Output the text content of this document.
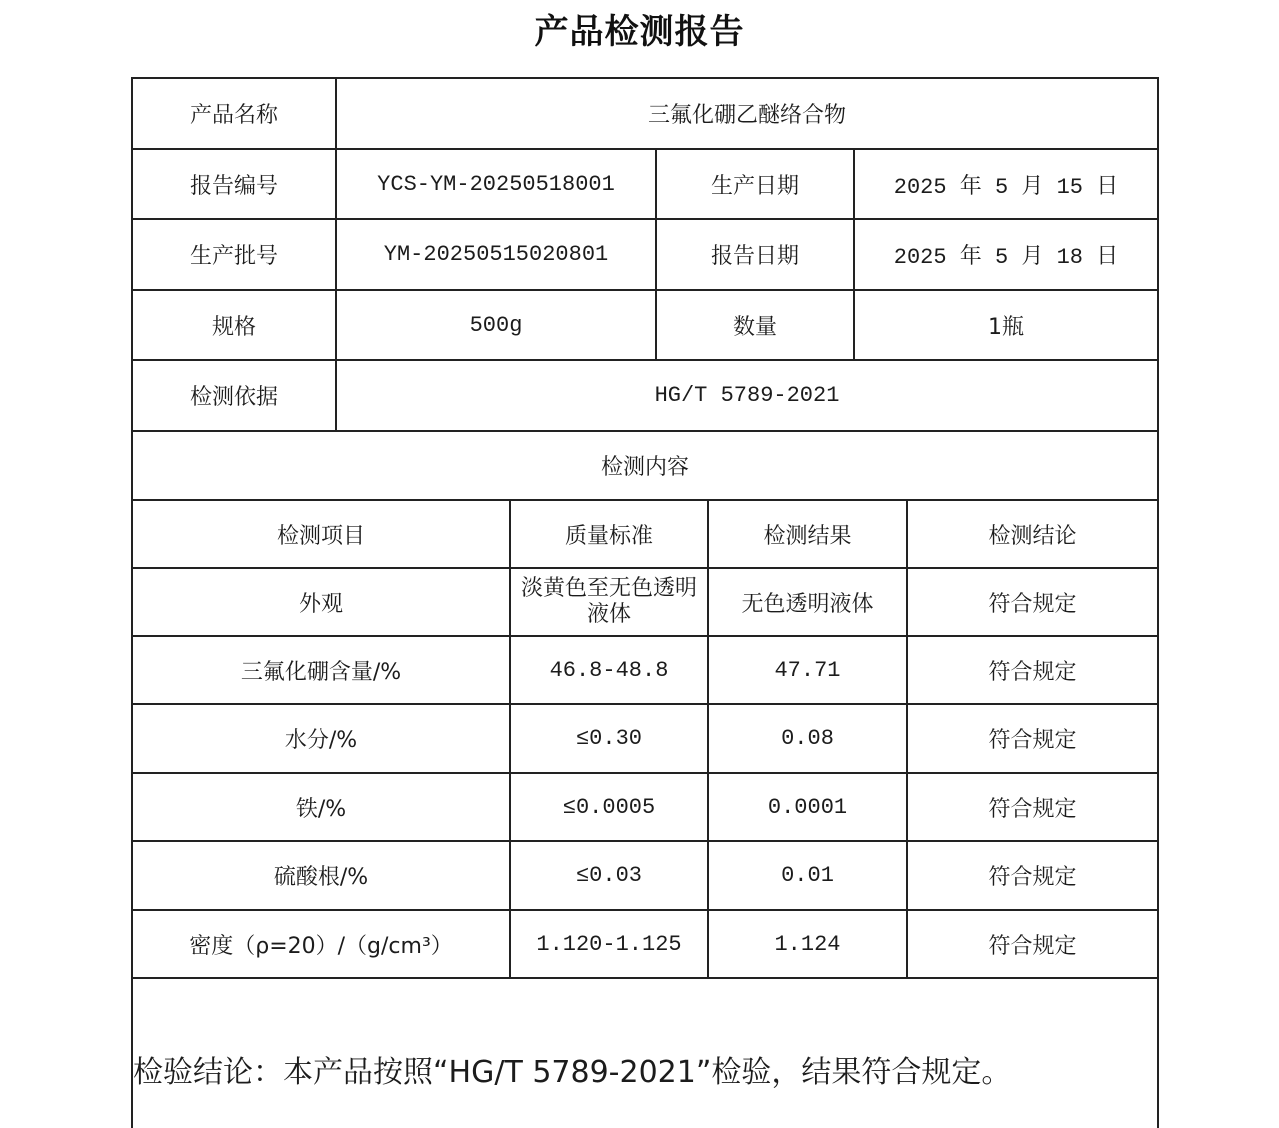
产品检测报告
产品名称	三氟化硼乙醚络合物					
报告编号	YCS-YM-20250518001		生产日期		2025 年 5 月 15 日	
生产批号	YM-20250515020801		报告日期		2025 年 5 月 18 日	
规格	500g		数量		1瓶	
检测依据	HG/T 5789-2021					
检测内容						
检测项目		质量标准		检测结果		检测结论
外观		淡黄色至无色透明液体		无色透明液体		符合规定
三氟化硼含量/%		46.8-48.8		47.71		符合规定
水分/%		≤0.30		0.08		符合规定
铁/%		≤0.0005		0.0001		符合规定
硫酸根/%		≤0.03		0.01		符合规定
密度（ρ=20）/（g/cm³）		1.120-1.125		1.124		符合规定
检验结论：本产品按照“HG/T 5789-2021”检验，结果符合规定。						
